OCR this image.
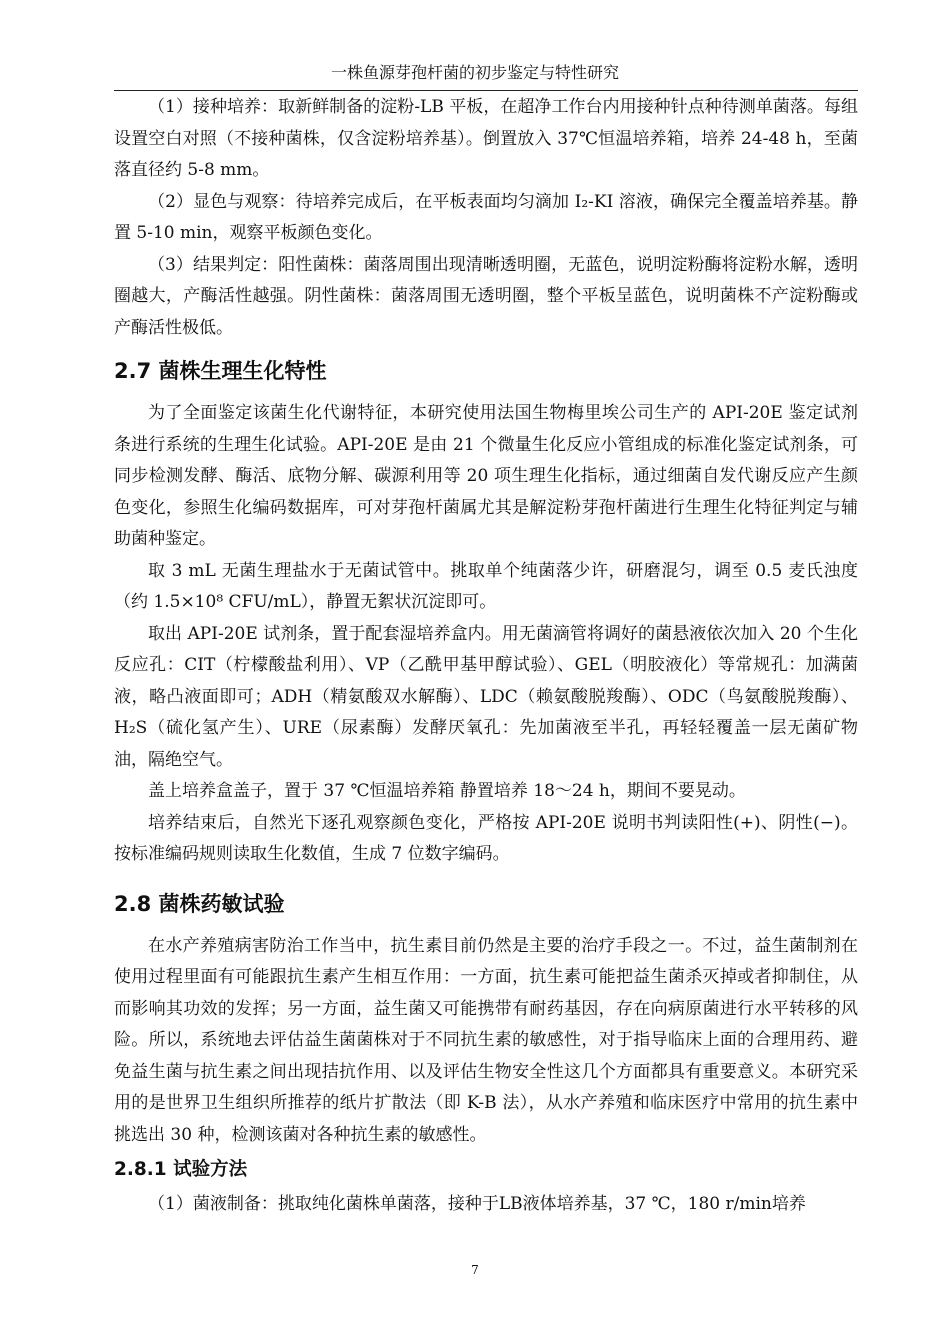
一株鱼源芽孢杆菌的初步鉴定与特性研究

（1）接种培养：取新鲜制备的淀粉-LB 平板，在超净工作台内用接种针点种待测单菌落。每组设置空白对照（不接种菌株，仅含淀粉培养基）。倒置放入 37℃恒温培养箱，培养 24-48 h，至菌落直径约 5-8 mm。

（2）显色与观察：待培养完成后，在平板表面均匀滴加 I₂-KI 溶液，确保完全覆盖培养基。静置 5-10 min，观察平板颜色变化。

（3）结果判定：阳性菌株：菌落周围出现清晰透明圈，无蓝色，说明淀粉酶将淀粉水解，透明圈越大，产酶活性越强。阴性菌株：菌落周围无透明圈，整个平板呈蓝色，说明菌株不产淀粉酶或产酶活性极低。

2.7 菌株生理生化特性

为了全面鉴定该菌生化代谢特征，本研究使用法国生物梅里埃公司生产的 API-20E 鉴定试剂条进行系统的生理生化试验。API-20E 是由 21 个微量生化反应小管组成的标准化鉴定试剂条，可同步检测发酵、酶活、底物分解、碳源利用等 20 项生理生化指标，通过细菌自发代谢反应产生颜色变化，参照生化编码数据库，可对芽孢杆菌属尤其是解淀粉芽孢杆菌进行生理生化特征判定与辅助菌种鉴定。

取 3 mL 无菌生理盐水于无菌试管中。挑取单个纯菌落少许，研磨混匀，调至 0.5 麦氏浊度（约 1.5×10⁸ CFU/mL），静置无絮状沉淀即可。

取出 API-20E 试剂条，置于配套湿培养盒内。用无菌滴管将调好的菌悬液依次加入 20 个生化反应孔：CIT（柠檬酸盐利用）、VP（乙酰甲基甲醇试验）、GEL（明胶液化）等常规孔：加满菌液，略凸液面即可；ADH（精氨酸双水解酶）、LDC（赖氨酸脱羧酶）、ODC（鸟氨酸脱羧酶）、H₂S（硫化氢产生）、URE（尿素酶）发酵厌氧孔：先加菌液至半孔，再轻轻覆盖一层无菌矿物油，隔绝空气。

盖上培养盒盖子，置于 37 ℃恒温培养箱 静置培养 18～24 h，期间不要晃动。

培养结束后，自然光下逐孔观察颜色变化，严格按 API-20E 说明书判读阳性(+)、阴性(−)。按标准编码规则读取生化数值，生成 7 位数字编码。

2.8 菌株药敏试验

在水产养殖病害防治工作当中，抗生素目前仍然是主要的治疗手段之一。不过，益生菌制剂在使用过程里面有可能跟抗生素产生相互作用：一方面，抗生素可能把益生菌杀灭掉或者抑制住，从而影响其功效的发挥；另一方面，益生菌又可能携带有耐药基因，存在向病原菌进行水平转移的风险。所以，系统地去评估益生菌菌株对于不同抗生素的敏感性，对于指导临床上面的合理用药、避免益生菌与抗生素之间出现拮抗作用、以及评估生物安全性这几个方面都具有重要意义。本研究采用的是世界卫生组织所推荐的纸片扩散法（即 K-B 法），从水产养殖和临床医疗中常用的抗生素中挑选出 30 种，检测该菌对各种抗生素的敏感性。

2.8.1 试验方法

（1）菌液制备：挑取纯化菌株单菌落，接种于LB液体培养基，37 ℃，180 r/min培养

7
